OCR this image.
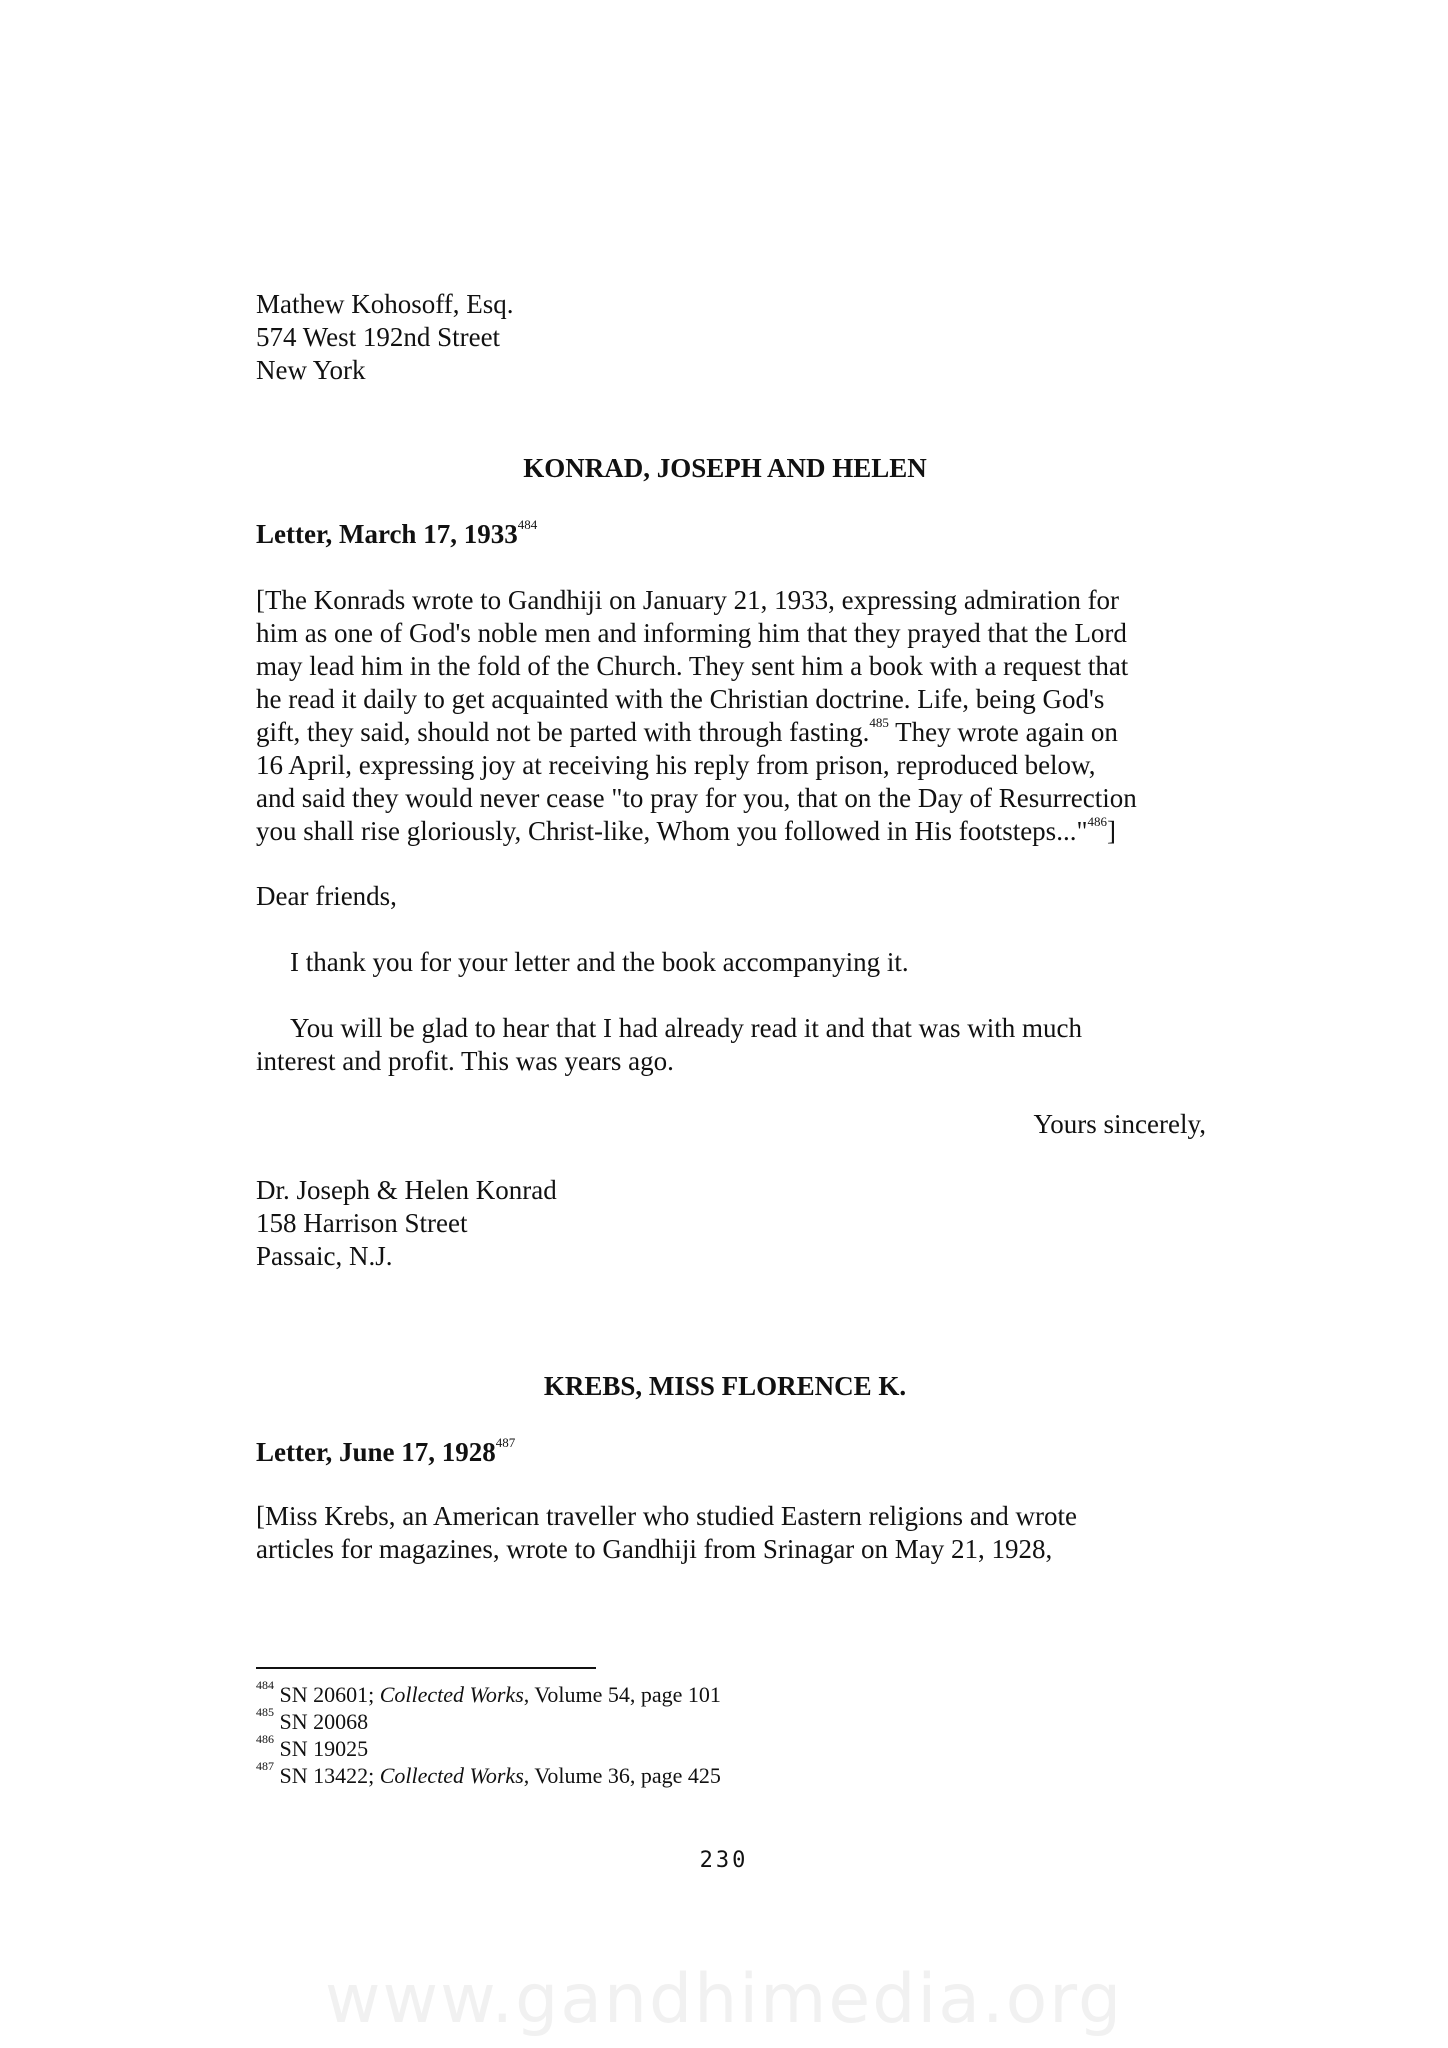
Mathew Kohosoff, Esq.
574 West 192nd Street
New York
KONRAD, JOSEPH AND HELEN
Letter, March 17, 1933$^{484}$
[The Konrads wrote to Gandhiji on January 21, 1933, expressing admiration for
him as one of God's noble men and informing him that they prayed that the Lord
may lead him in the fold of the Church. They sent him a book with a request that
he read it daily to get acquainted with the Christian doctrine. Life, being God's
gift, they said, should not be parted with through fasting.$^{485}$ They wrote again on
16 April, expressing joy at receiving his reply from prison, reproduced below,
and said they would never cease "to pray for you, that on the Day of Resurrection
you shall rise gloriously, Christ-like, Whom you followed in His footsteps..."$^{486}$]
Dear friends,
I thank you for your letter and the book accompanying it.
You will be glad to hear that I had already read it and that was with much
interest and profit. This was years ago.
Yours sincerely,
Dr. Joseph & Helen Konrad
158 Harrison Street
Passaic, N.J.
KREBS, MISS FLORENCE K.
Letter, June 17, 1928$^{487}$
[Miss Krebs, an American traveller who studied Eastern religions and wrote
articles for magazines, wrote to Gandhiji from Srinagar on May 21, 1928,
$^{484}$ SN 20601; Collected Works, Volume 54, page 101
$^{485}$ SN 20068
$^{486}$ SN 19025
$^{487}$ SN 13422; Collected Works, Volume 36, page 425
230
www.gandhimedia.org
